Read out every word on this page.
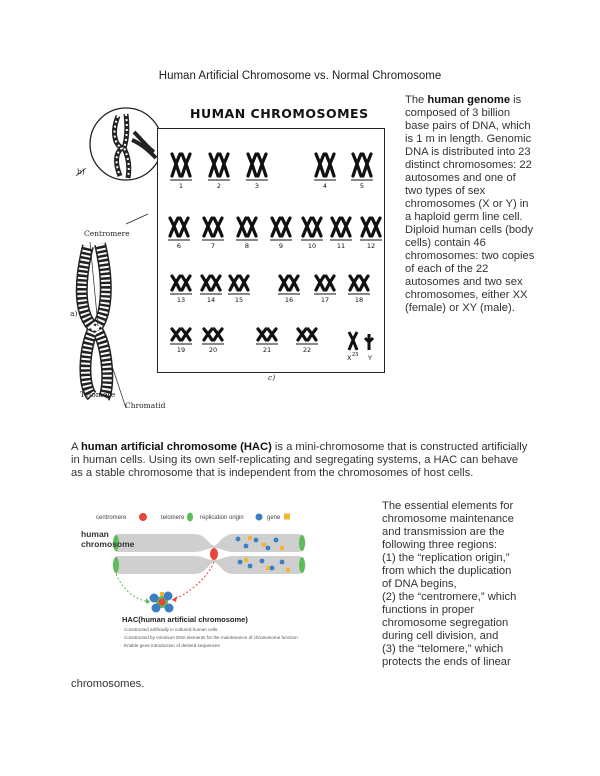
Human Artificial Chromosome vs. Normal Chromosome
b)
Centromere
a)
Telomere
Chromatid
HUMAN CHROMOSOMES
1	2	3	4	5
6	7	8	9	10	11	12
13	14	15	16	17	18
19	20	21	22
X 23 Y
c)
The human genome is composed of 3 billion base pairs of DNA, which is 1 m in length. Genomic DNA is distributed into 23 distinct chromosomes: 22 autosomes and one of two types of sex chromosomes (X or Y) in a haploid germ line cell. Diploid human cells (body cells) contain 46 chromosomes: two copies of each of the 22 autosomes and two sex chromosomes, either XX (female) or XY (male).
A human artificial chromosome (HAC) is a mini-chromosome that is constructed artificially in human cells. Using its own self-replicating and segregating systems, a HAC can behave as a stable chromosome that is independent from the chromosomes of host cells.
centromere	telomere	replication origin	gene
HAC(human artificial chromosome)
Constructed artificially in cultured human cells.
Constructed by minimum DNA elements for the maintenance of chromosome function
Enable gene introduction of desired sequences
·
·
·
human
chromosome
The essential elements for
chromosome maintenance
and transmission are the
following three regions:
(1) the “replication origin,”
from which the duplication
of DNA begins,
(2) the “centromere,” which
functions in proper
chromosome segregation
during cell division, and
(3) the “telomere,” which
protects the ends of linear
chromosomes.
